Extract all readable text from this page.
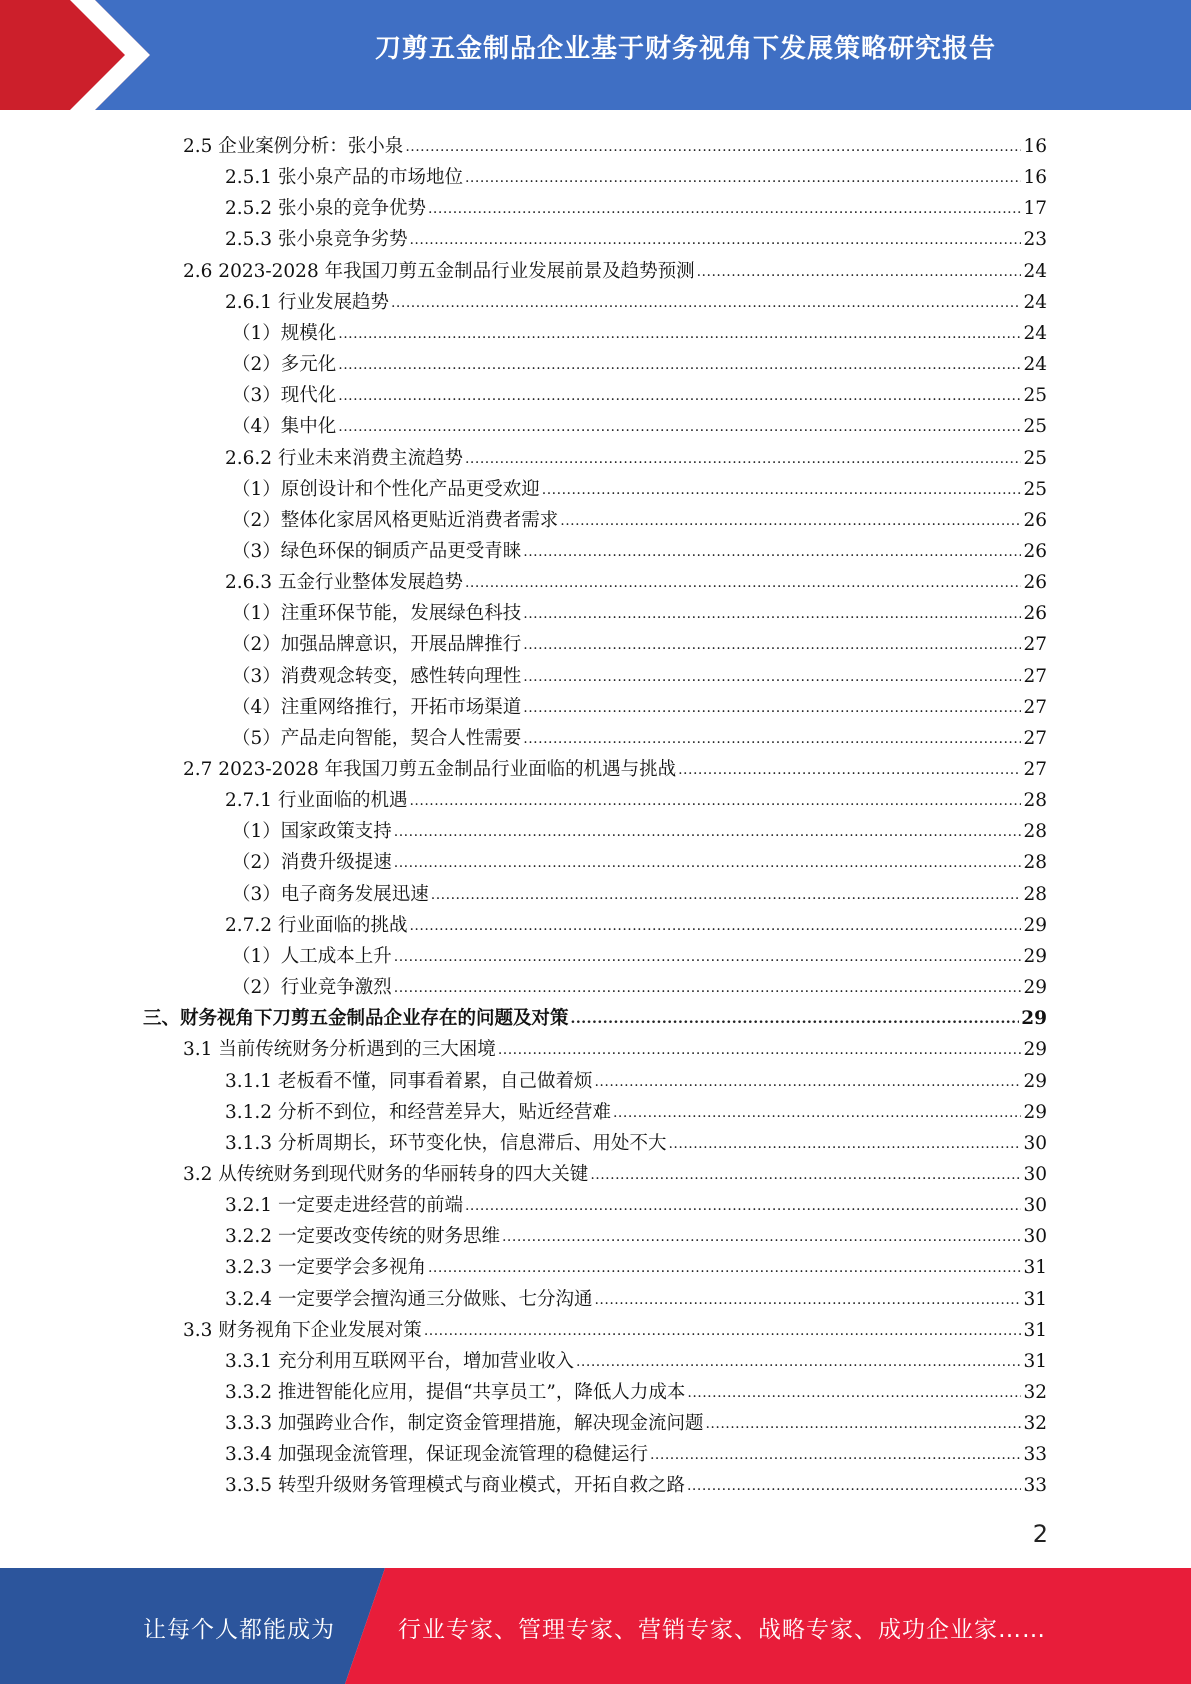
刀剪五金制品企业基于财务视角下发展策略研究报告
2.5 企业案例分析：张小泉 .....	16
2.5.1 张小泉产品的市场地位 .....	16
2.5.2 张小泉的竞争优势 .....	17
2.5.3 张小泉竞争劣势 .....	23
2.6 2023-2028 年我国刀剪五金制品行业发展前景及趋势预测 .....	24
2.6.1 行业发展趋势 .....	24
（1）规模化 .....	24
（2）多元化 .....	24
（3）现代化 .....	25
（4）集中化 .....	25
2.6.2 行业未来消费主流趋势 .....	25
（1）原创设计和个性化产品更受欢迎 .....	25
（2）整体化家居风格更贴近消费者需求 .....	26
（3）绿色环保的铜质产品更受青睐 .....	26
2.6.3 五金行业整体发展趋势 .....	26
（1）注重环保节能，发展绿色科技 .....	26
（2）加强品牌意识，开展品牌推行 .....	27
（3）消费观念转变，感性转向理性 .....	27
（4）注重网络推行，开拓市场渠道 .....	27
（5）产品走向智能，契合人性需要 .....	27
2.7 2023-2028 年我国刀剪五金制品行业面临的机遇与挑战 .....	27
2.7.1 行业面临的机遇 .....	28
（1）国家政策支持 .....	28
（2）消费升级提速 .....	28
（3）电子商务发展迅速 .....	28
2.7.2 行业面临的挑战 .....	29
（1）人工成本上升 .....	29
（2）行业竞争激烈 .....	29
三、财务视角下刀剪五金制品企业存在的问题及对策 .....	29
3.1 当前传统财务分析遇到的三大困境 .....	29
3.1.1 老板看不懂，同事看着累，自己做着烦 .....	29
3.1.2 分析不到位，和经营差异大，贴近经营难 .....	29
3.1.3 分析周期长，环节变化快，信息滞后、用处不大 .....	30
3.2 从传统财务到现代财务的华丽转身的四大关键 .....	30
3.2.1 一定要走进经营的前端 .....	30
3.2.2 一定要改变传统的财务思维 .....	30
3.2.3 一定要学会多视角 .....	31
3.2.4 一定要学会擅沟通三分做账、七分沟通 .....	31
3.3 财务视角下企业发展对策 .....	31
3.3.1 充分利用互联网平台，增加营业收入 .....	31
3.3.2 推进智能化应用，提倡“共享员工”，降低人力成本 .....	32
3.3.3 加强跨业合作，制定资金管理措施，解决现金流问题 .....	32
3.3.4 加强现金流管理，保证现金流管理的稳健运行 .....	33
3.3.5 转型升级财务管理模式与商业模式，开拓自救之路 .....	33
2
让每个人都能成为	行业专家、管理专家、营销专家、战略专家、成功企业家……
